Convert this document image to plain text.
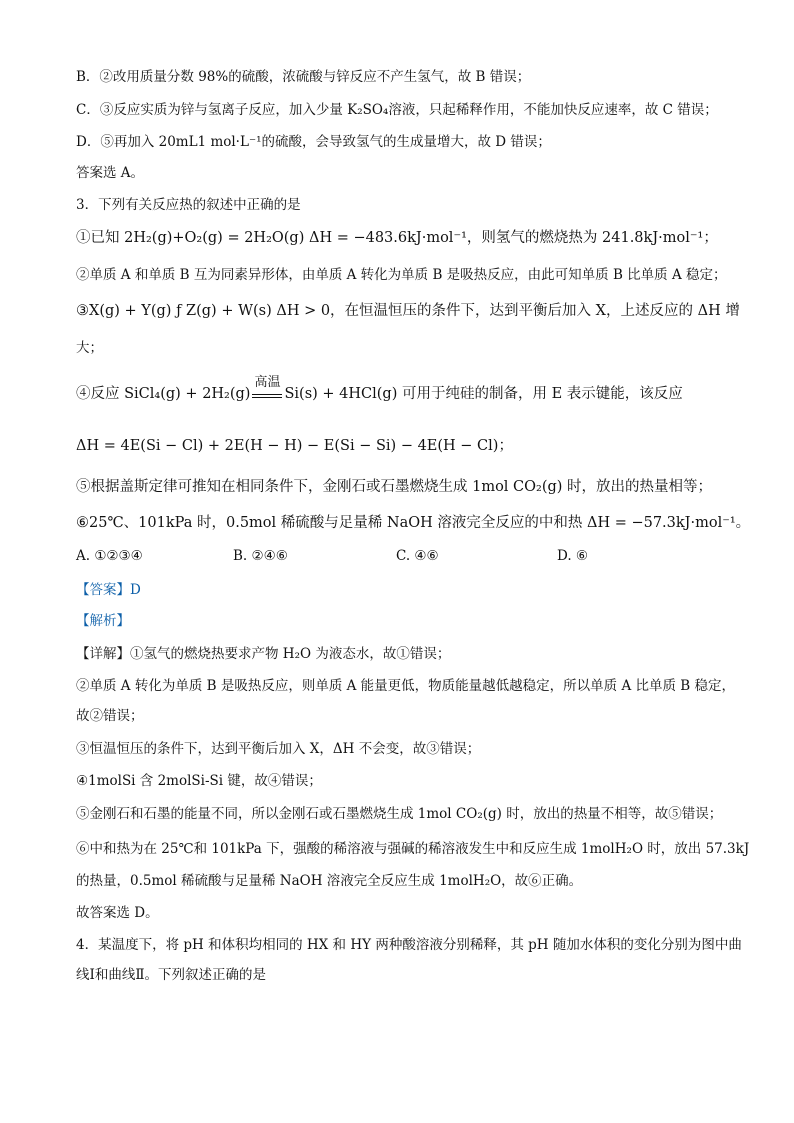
B．②改用质量分数 98%的硫酸，浓硫酸与锌反应不产生氢气，故 B 错误；
C．③反应实质为锌与氢离子反应，加入少量 K₂SO₄溶液，只起稀释作用，不能加快反应速率，故 C 错误；
D．⑤再加入 20mL1 mol·L⁻¹的硫酸，会导致氢气的生成量增大，故 D 错误；
答案选 A。
3．下列有关反应热的叙述中正确的是
①已知 2H₂(g)+O₂(g) = 2H₂O(g) ΔH = −483.6kJ·mol⁻¹，则氢气的燃烧热为 241.8kJ·mol⁻¹；
②单质 A 和单质 B 互为同素异形体，由单质 A 转化为单质 B 是吸热反应，由此可知单质 B 比单质 A 稳定；
③X(g) + Y(g) ƒ Z(g) + W(s) ΔH > 0，在恒温恒压的条件下，达到平衡后加入 X，上述反应的 ΔH 增
大；
④反应 SiCl₄(g) + 2H₂(g)
高温
Si(s) + 4HCl(g) 可用于纯硅的制备，用 E 表示键能，该反应
ΔH = 4E(Si − Cl) + 2E(H − H) − E(Si − Si) − 4E(H − Cl)；
⑤根据盖斯定律可推知在相同条件下，金刚石或石墨燃烧生成 1mol CO₂(g) 时，放出的热量相等；
⑥25℃、101kPa 时，0.5mol 稀硫酸与足量稀 NaOH 溶液完全反应的中和热 ΔH = −57.3kJ·mol⁻¹。
A. ①②③④	B. ②④⑥	C. ④⑥	D. ⑥
【答案】D
【解析】
【详解】①氢气的燃烧热要求产物 H₂O 为液态水，故①错误；
②单质 A 转化为单质 B 是吸热反应，则单质 A 能量更低，物质能量越低越稳定，所以单质 A 比单质 B 稳定，
故②错误；
③恒温恒压的条件下，达到平衡后加入 X，ΔH 不会变，故③错误；
④1molSi 含 2molSi-Si 键，故④错误；
⑤金刚石和石墨的能量不同，所以金刚石或石墨燃烧生成 1mol CO₂(g) 时，放出的热量不相等，故⑤错误；
⑥中和热为在 25℃和 101kPa 下，强酸的稀溶液与强碱的稀溶液发生中和反应生成 1molH₂O 时，放出 57.3kJ
的热量，0.5mol 稀硫酸与足量稀 NaOH 溶液完全反应生成 1molH₂O，故⑥正确。
故答案选 D。
4．某温度下，将 pH 和体积均相同的 HX 和 HY 两种酸溶液分别稀释，其 pH 随加水体积的变化分别为图中曲
线Ⅰ和曲线Ⅱ。下列叙述正确的是
